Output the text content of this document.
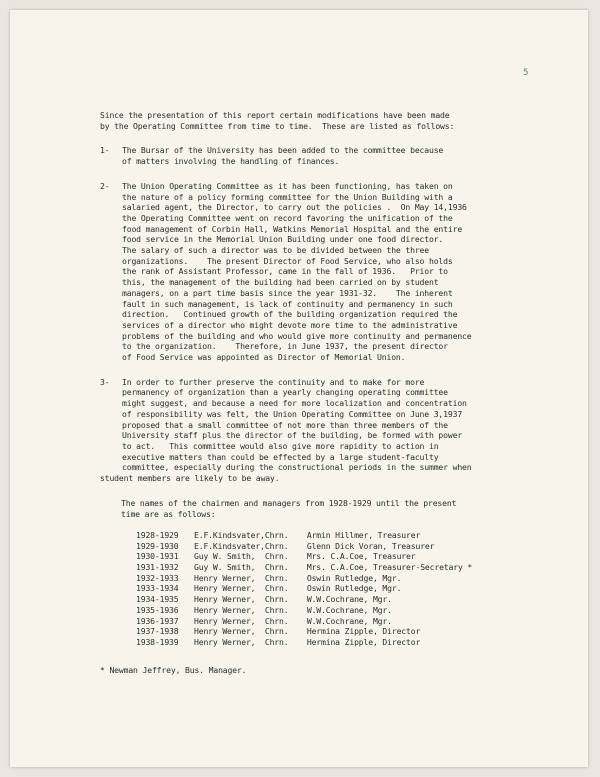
5
Since the presentation of this report certain modifications have been made
by the Operating Committee from time to time.  These are listed as follows:
1- The Bursar of the University has been added to the committee because
of matters involving the handling of finances.
2- The Union Operating Committee as it has been functioning, has taken on
the nature of a policy forming committee for the Union Building with a
salaried agent, the Director, to carry out the policies .  On May 14,1936
the Operating Committee went on record favoring the unification of the
food management of Corbin Hall, Watkins Memorial Hospital and the entire
food service in the Memorial Union Building under one food director.
The salary of such a director was to be divided between the three
organizations.    The present Director of Food Service, who also holds
the rank of Assistant Professor, came in the fall of 1936.   Prior to
this, the management of the building had been carried on by student
managers, on a part time basis since the year 1931-32.    The inherent
fault in such management, is lack of continuity and permanency in such
direction.   Continued growth of the building organization required the
services of a director who might devote more time to the administrative
problems of the building and who would give more continuity and permanence
to the organization.    Therefore, in June 1937, the present director
of Food Service was appointed as Director of Memorial Union.
3- In order to further preserve the continuity and to make for more
permanency of organization than a yearly changing operating committee
might suggest, and because a need for more localization and concentration
of responsibility was felt, the Union Operating Committee on June 3,1937
proposed that a small committee of not more than three members of the
University staff plus the director of the building, be formed with power
to act.   This committee would also give more rapidity to action in
executive matters than could be effected by a large student-faculty
committee, especially during the constructional periods in the summer when
student members are likely to be away.
The names of the chairmen and managers from 1928-1929 until the present
time are as follows:
1928-1929	E.F.Kindsvater,	Chrn.	Armin Hillmer, Treasurer
1929-1930	E.F.Kindsvater,	Chrn.	Glenn Dick Voran, Treasurer
1930-1931	Guy W. Smith,	Chrn.	Mrs. C.A.Coe, Treasurer
1931-1932	Guy W. Smith,	Chrn.	Mrs. C.A.Coe, Treasurer-Secretary *
1932-1933	Henry Werner,	Chrn.	Oswin Rutledge, Mgr.
1933-1934	Henry Werner,	Chrn.	Oswin Rutledge, Mgr.
1934-1935	Henry Werner,	Chrn.	W.W.Cochrane, Mgr.
1935-1936	Henry Werner,	Chrn.	W.W.Cochrane, Mgr.
1936-1937	Henry Werner,	Chrn.	W.W.Cochrane, Mgr.
1937-1938	Henry Werner,	Chrn.	Hermina Zipple, Director
1938-1939	Henry Werner,	Chrn.	Hermina Zipple, Director
* Newman Jeffrey, Bus. Manager.
